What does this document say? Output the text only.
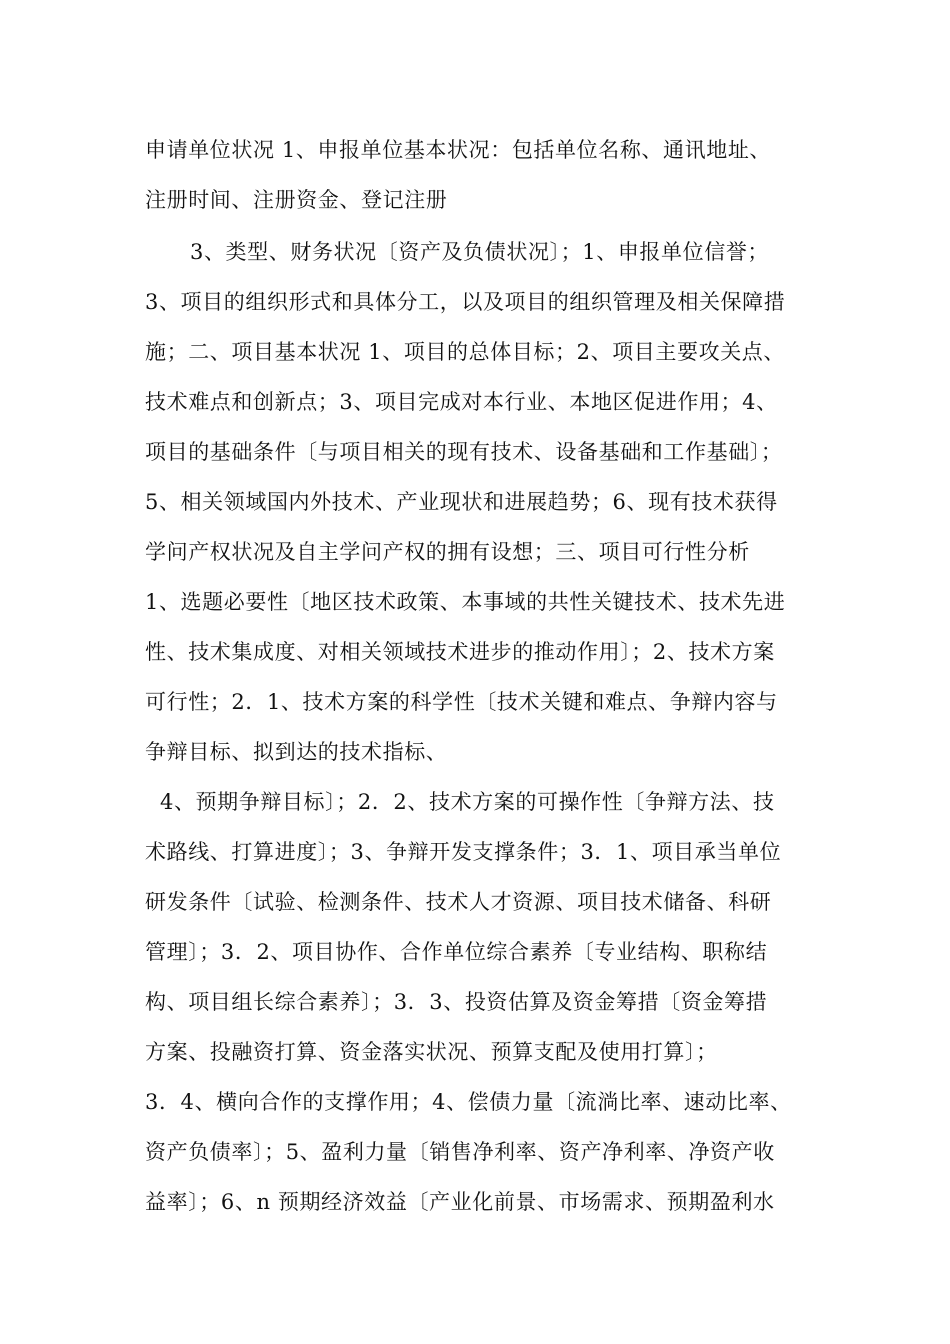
申请单位状况 1、申报单位基本状况：包括单位名称、通讯地址、
注册时间、注册资金、登记注册
3、类型、财务状况〔资产及负债状况〕；1、申报单位信誉；
3、项目的组织形式和具体分工，以及项目的组织管理及相关保障措
施；二、项目基本状况 1、项目的总体目标；2、项目主要攻关点、
技术难点和创新点；3、项目完成对本行业、本地区促进作用；4、
项目的基础条件〔与项目相关的现有技术、设备基础和工作基础〕；
5、相关领域国内外技术、产业现状和进展趋势；6、现有技术获得
学问产权状况及自主学问产权的拥有设想；三、项目可行性分析
1、选题必要性〔地区技术政策、本事域的共性关键技术、技术先进
性、技术集成度、对相关领域技术进步的推动作用〕；2、技术方案
可行性；2．1、技术方案的科学性〔技术关键和难点、争辩内容与
争辩目标、拟到达的技术指标、
4、预期争辩目标〕；2．2、技术方案的可操作性〔争辩方法、技
术路线、打算进度〕；3、争辩开发支撑条件；3．1、项目承当单位
研发条件〔试验、检测条件、技术人才资源、项目技术储备、科研
管理〕；3．2、项目协作、合作单位综合素养〔专业结构、职称结
构、项目组长综合素养〕；3．3、投资估算及资金筹措〔资金筹措
方案、投融资打算、资金落实状况、预算支配及使用打算〕；
3．4、横向合作的支撑作用；4、偿债力量〔流淌比率、速动比率、
资产负债率〕；5、盈利力量〔销售净利率、资产净利率、净资产收
益率〕；6、n 预期经济效益〔产业化前景、市场需求、预期盈利水
